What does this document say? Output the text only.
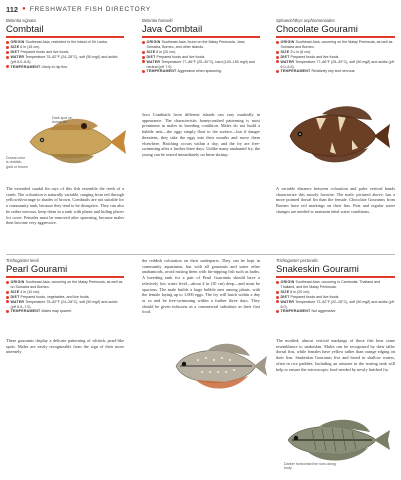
112 ● FRESHWATER FISH DIRECTORY
Belontia signata
Combtail
ORIGIN Southeast Asia, restricted to the island of Sri Lanka.
SIZE 6 in (15 cm).
DIET Prepared foods and live foods.
WATER Temperature 75–82°F (24–28°C), soft (50 mg/l) and acidic (pH 6.0–6.5).
TEMPERAMENT Likely to nip fins.
Dark spot on dorsal fin
Dorsal color is reddish-gold or brown
The extended caudal fin rays of this fish resemble the teeth of a comb. The coloration is naturally variable, ranging from red through yellowish-orange to shades of brown. Combtails are not suitable for a community tank, because they tend to be disruptive. They can also be rather nervous, keep them in a tank with plants and hiding places for cover. Females must be removed after spawning, because males then become very aggressive.
Belontia hasselti
Java Combtail
ORIGIN Southeast Asia, found on the Malay Peninsula, Java, Sumatra, Borneo, and other islands.
SIZE 8 in (20 cm).
DIET Prepared foods and live foods.
WATER Temperature 77–86°F (25–30°C), hard (100–150 mg/l) and neutral (pH 7.0).
TEMPERAMENT Aggressive when spawning.
Java Combtails from different islands can vary markedly in appearance. The characteristic honeycombed patterning is most prominent in males in breeding condition. Males do not build a bubble nest—the eggs simply float to the surface—but if danger threatens, they take the eggs into their mouths and move them elsewhere. Hatching occurs within a day, and the fry are free-swimming after a further three days. Unlike many anabantid fry, the young can be reared immediately on brine shrimp.
Sphaerichthys osphromenoides
Chocolate Gourami
ORIGIN Southeast Asia, occurring on the Malay Peninsula, as well as Sumatra and Borneo.
SIZE 2¼ in (6 cm).
DIET Prepared foods and live foods.
WATER Temperature 77–86°F (25–30°C), soft (50 mg/l) and acidic (pH 6.0–6.5).
TEMPERAMENT Relatively shy and nervous.
A variable distance between coloration and paler vertical bands characterize this moody favorite. The male, pictured above, has a more pointed dorsal fin than the female. Chocolate Gouramis from Borneo have red markings on their fins. Peat and regular water changes are needed to maintain ideal water conditions.
Trichogaster leerii
Pearl Gourami
ORIGIN Southeast Asia, occurring on the Malay Peninsula, as well as on Sumatra and Borneo.
SIZE 4 in (10 cm).
DIET Prepared foods, vegetables, and live foods.
WATER Temperature 75–82°F (24–28°C), soft (50 mg/l) and acidic (pH 6.5–7.0).
TEMPERAMENT Males may quarrel.
These gouramis display a delicate patterning of whitish, pearl-like spots. Males are easily recognizable from the sign of their more intensely
the reddish coloration on their underparts. They can be kept in community aquariums, but with all gouramis and some other anabantoids, avoid mixing them with fin-nipping fish such as barbs. A breeding tank for a pair of Pearl Gouramis should have a relatively low water level—about 4 in (10 cm) deep—and must be spacious. The male builds a large bubble nest among plants, with the female laying up to 1,000 eggs. The fry will hatch within a day or so and be free-swimming within a further three days. They should be given infusoria as a commercial substitute as their first food.
Trichogaster pectoralis
Snakeskin Gourami
ORIGIN Southeast Asia, occurring in Cambodia, Thailand and Thailand, and the Malay Peninsula.
SIZE 8 in (20 cm).
DIET Prepared foods and live foods.
WATER Temperature 72–82°F (22–28°C), soft (50 mg/l) and acidic (pH 6.0).
TEMPERAMENT Not aggressive.
The mottled, almost vertical markings of these fish bear some resemblance to snakeskin. Males can be recognized by their taller dorsal fins, while females have yellow rather than orange edging on their fins. Snakeskin Gouramis live and breed in shallow waters, often in rice paddies. Including an airstone in the rearing tank will help to ensure the microscopic food needed by newly hatched fry.
Darker horizontal line runs along body
